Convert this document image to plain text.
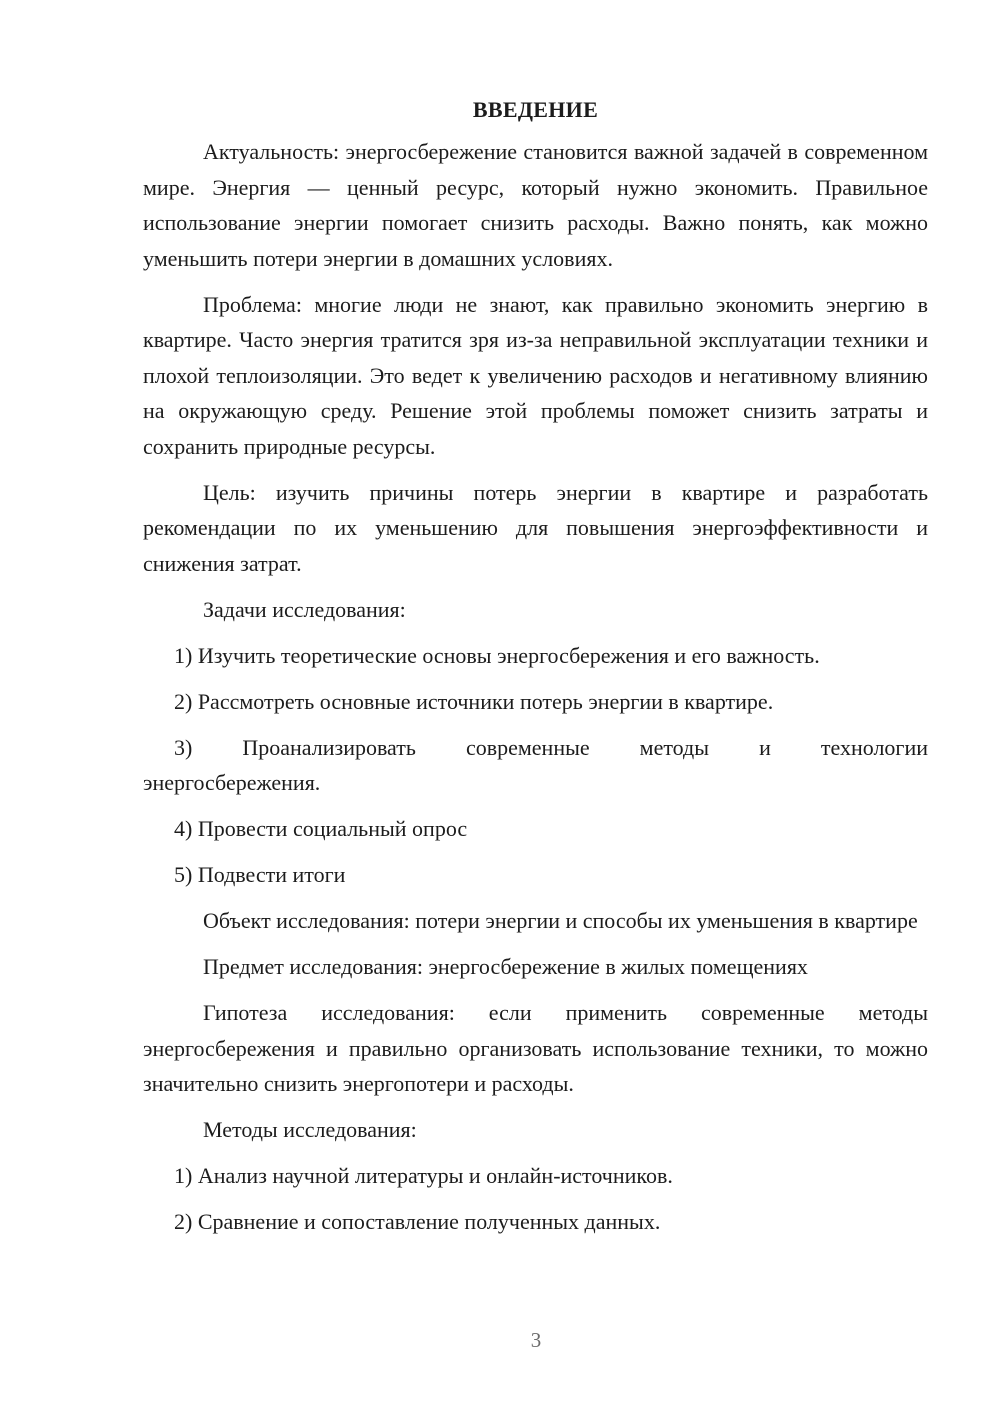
ВВЕДЕНИЕ

Актуальность: энергосбережение становится важной задачей в современном мире. Энергия — ценный ресурс, который нужно экономить. Правильное использование энергии помогает снизить расходы. Важно понять, как можно уменьшить потери энергии в домашних условиях.

Проблема: многие люди не знают, как правильно экономить энергию в квартире. Часто энергия тратится зря из-за неправильной эксплуатации техники и плохой теплоизоляции. Это ведет к увеличению расходов и негативному влиянию на окружающую среду. Решение этой проблемы поможет снизить затраты и сохранить природные ресурсы.

Цель: изучить причины потерь энергии в квартире и разработать рекомендации по их уменьшению для повышения энергоэффективности и снижения затрат.

Задачи исследования:

1) Изучить теоретические основы энергосбережения и его важность.

2) Рассмотреть основные источники потерь энергии в квартире.

3) Проанализировать современные методы и технологии энергосбережения.

4) Провести социальный опрос

5) Подвести итоги

Объект исследования: потери энергии и способы их уменьшения в квартире

Предмет исследования: энергосбережение в жилых помещениях

Гипотеза исследования: если применить современные методы энергосбережения и правильно организовать использование техники, то можно значительно снизить энергопотери и расходы.

Методы исследования:

1) Анализ научной литературы и онлайн-источников.

2) Сравнение и сопоставление полученных данных.

3
